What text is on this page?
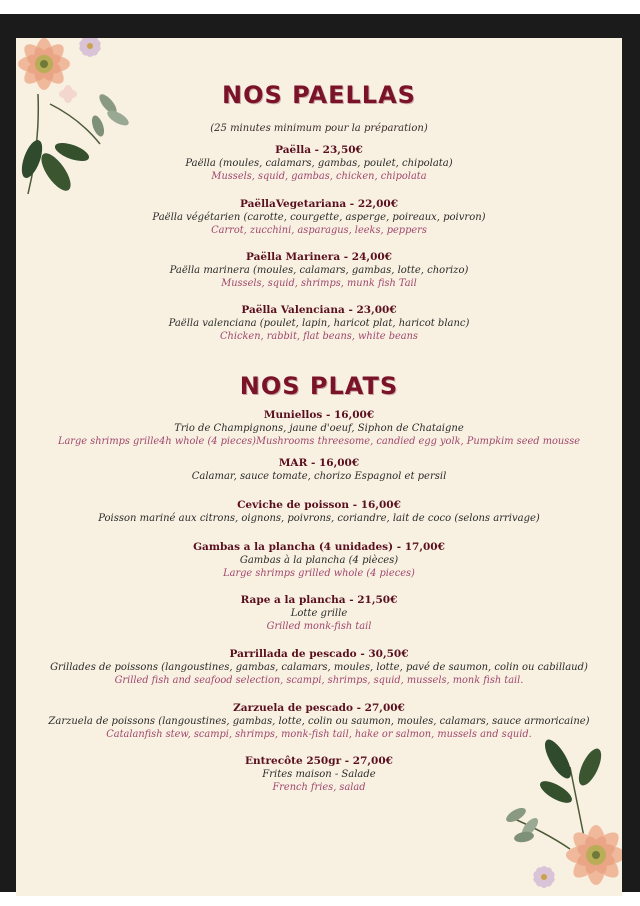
NOS PAELLAS
(25 minutes minimum pour la préparation)
Paëlla - 23,50€
Paëlla (moules, calamars, gambas, poulet, chipolata)
Mussels, squid, gambas, chicken, chipolata
PaëllaVegetariana - 22,00€
Paëlla végétarien (carotte, courgette, asperge, poireaux, poivron)
Carrot, zucchini, asparagus, leeks, peppers
Paëlla Marinera - 24,00€
Paëlla marinera (moules, calamars, gambas, lotte, chorizo)
Mussels, squid, shrimps, munk fish Tail
Paëlla Valenciana - 23,00€
Paëlla valenciana (poulet, lapin, haricot plat, haricot blanc)
Chicken, rabbit, flat beans, white beans
NOS PLATS
Muniellos - 16,00€
Trio de Champignons, jaune d'oeuf, Siphon de Chataigne
Large shrimps grille4h whole (4 pieces)Mushrooms threesome, candied egg yolk, Pumpkim seed mousse
MAR - 16,00€
Calamar, sauce tomate, chorizo Espagnol et persil
Ceviche de poisson - 16,00€
Poisson mariné aux citrons, oignons, poivrons, coriandre, lait de coco (selons arrivage)
Gambas a la plancha (4 unidades) - 17,00€
Gambas à la plancha (4 pièces)
Large shrimps grilled whole (4 pieces)
Rape a la plancha - 21,50€
Lotte grille
Grilled monk-fish tail
Parrillada de pescado - 30,50€
Grillades de poissons (langoustines, gambas, calamars, moules, lotte, pavé de saumon, colin ou cabillaud)
Grilled fish and seafood selection, scampi, shrimps, squid, mussels, monk fish tail.
Zarzuela de pescado - 27,00€
Zarzuela de poissons (langoustines, gambas, lotte, colin ou saumon, moules, calamars, sauce armoricaine)
Catalanfish stew, scampi, shrimps, monk-fish tail, hake or salmon, mussels and squid.
Entrecôte 250gr - 27,00€
Frites maison - Salade
French fries, salad
